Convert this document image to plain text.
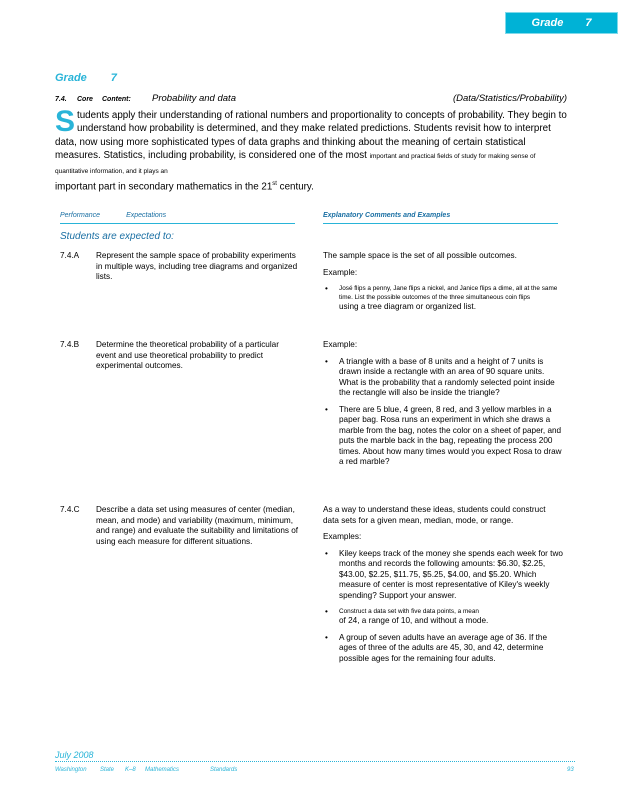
Grade 7
Grade 7
7.4.	Core	Content:	Probability and data	(Data/Statistics/Probability)
Students apply their understanding of rational numbers and proportionality to concepts of probability. They begin to understand how probability is determined, and they make related predictions. Students revisit how to interpret data, now using more sophisticated types of data graphs and thinking about the meaning of certain statistical measures. Statistics, including probability, is considered one of the most important and practical fields of study for making sense of quantitative information, and it plays an
important part in secondary mathematics in the 21st century.
Performance	Expectations	Explanatory Comments and Examples
Students are expected to:
7.4.A Represent the sample space of probability experiments in multiple ways, including tree diagrams and organized lists.

The sample space is the set of all possible outcomes.

Example:

• José flips a penny, Jane flips a nickel, and Janice flips a dime, all at the same time. List the possible outcomes of the three simultaneous coin flips
using a tree diagram or organized list.
7.4.B Determine the theoretical probability of a particular event and use theoretical probability to predict experimental outcomes.

Example:

• A triangle with a base of 8 units and a height of 7 units is drawn inside a rectangle with an area of 90 square units. What is the probability that a randomly selected point inside the rectangle will also be inside the triangle?
• There are 5 blue, 4 green, 8 red, and 3 yellow marbles in a paper bag. Rosa runs an experiment in which she draws a marble from the bag, notes the color on a sheet of paper, and puts the marble back in the bag, repeating the process 200 times. About how many times would you expect Rosa to draw a red marble?
7.4.C Describe a data set using measures of center (median, mean, and mode) and variability (maximum, minimum, and range) and evaluate the suitability and limitations of using each measure for different situations.

As a way to understand these ideas, students could construct data sets for a given mean, median, mode, or range.

Examples:

• Kiley keeps track of the money she spends each week for two months and records the following amounts: $6.30, $2.25, $43.00, $2.25, $11.75, $5.25, $4.00, and $5.20. Which measure of center is most representative of Kiley's weekly spending? Support your answer.
• Construct a data set with five data points, a mean
of 24, a range of 10, and without a mode.
• A group of seven adults have an average age of 36. If the ages of three of the adults are 45, 30, and 42, determine possible ages for the remaining four adults.
July 2008
Washington State K–8 Mathematics	Standards	93
